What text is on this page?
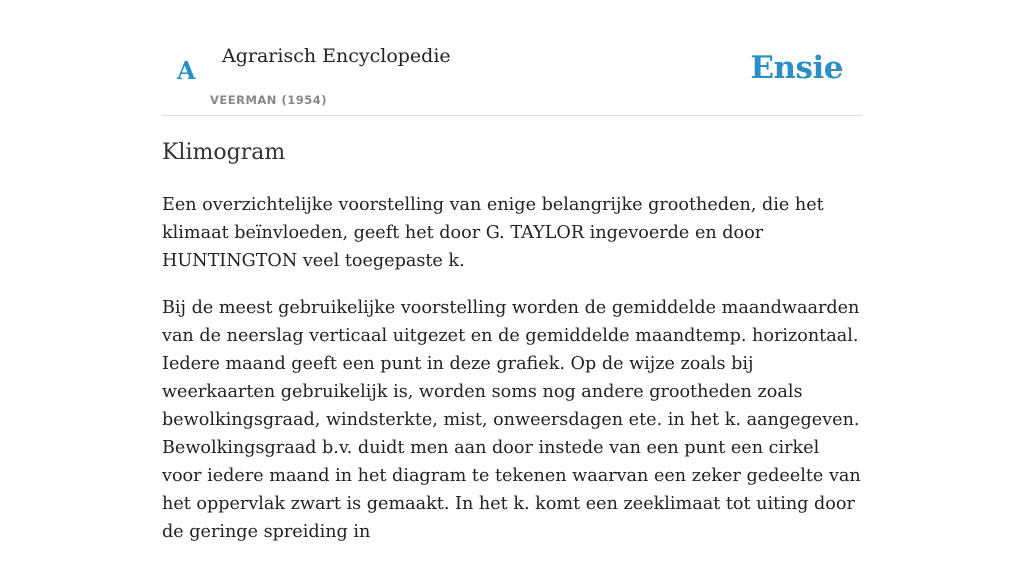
A Agrarisch Encyclopedie
VEERMAN (1954)
Ensie
Klimogram

Een overzichtelijke voorstelling van enige belangrijke grootheden, die het klimaat beïnvloeden, geeft het door G. TAYLOR ingevoerde en door HUNTINGTON veel toegepaste k.

Bij de meest gebruikelijke voorstelling worden de gemiddelde maandwaarden van de neerslag verticaal uitgezet en de gemiddelde maandtemp. horizontaal. Iedere maand geeft een punt in deze grafiek. Op de wijze zoals bij weerkaarten gebruikelijk is, worden soms nog andere grootheden zoals bewolkingsgraad, windsterkte, mist, onweersdagen ete. in het k. aangegeven. Bewolkingsgraad b.v. duidt men aan door instede van een punt een cirkel voor iedere maand in het diagram te tekenen waarvan een zeker gedeelte van het oppervlak zwart is gemaakt. In het k. komt een zeeklimaat tot uiting door de geringe spreiding in
